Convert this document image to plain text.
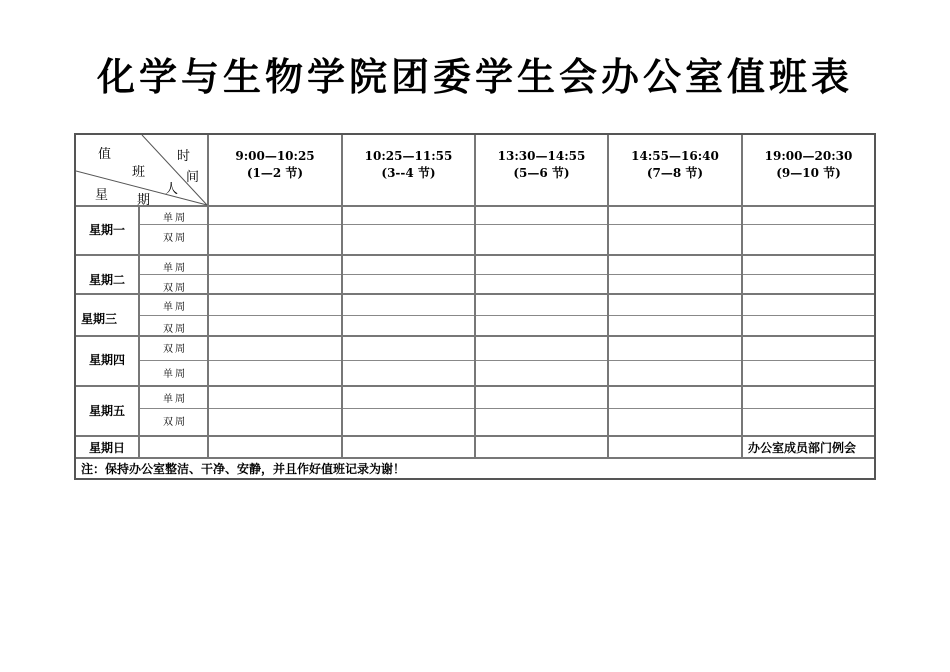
化学与生物学院团委学生会办公室值班表
值
班
星 期
时
间
人
9:00—10:25
(1—2 节)
10:25—11:55
(3--4 节)
13:30—14:55
(5—6 节)
14:55—16:40
(7—8 节)
19:00—20:30
(9—10 节)
星期一
星期二
星期三
星期四
星期五
星期日
单周
双周
单周
双周
单周
双周
双周
单周
单周
双周
办公室成员部门例会
注：保持办公室整洁、干净、安静，并且作好值班记录为谢！
